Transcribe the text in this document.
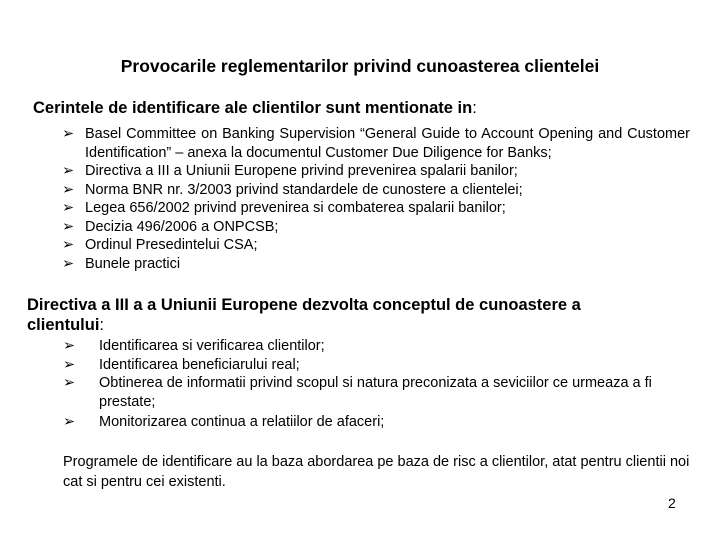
Provocarile reglementarilor privind cunoasterea clientelei
Cerintele de identificare ale clientilor sunt mentionate in:
➢ Basel Committee on Banking Supervision “General Guide to Account Opening and Customer Identification” – anexa la documentul Customer Due Diligence for Banks;
➢ Directiva a III a Uniunii Europene privind prevenirea spalarii banilor;
➢ Norma BNR nr. 3/2003 privind standardele de cunostere a clientelei;
➢ Legea 656/2002 privind prevenirea si combaterea spalarii banilor;
➢ Decizia 496/2006 a ONPCSB;
➢ Ordinul Presedintelui CSA;
➢ Bunele practici
Directiva a III a a Uniunii Europene dezvolta conceptul de cunoastere a
clientului:
➢ Identificarea si verificarea clientilor;
➢ Identificarea beneficiarului real;
➢ Obtinerea de informatii privind scopul si natura preconizata a seviciilor ce urmeaza a fi prestate;
➢ Monitorizarea continua a relatiilor de afaceri;
Programele de identificare au la baza abordarea pe baza de risc a clientilor, atat pentru clientii noi cat si pentru cei existenti.
2
